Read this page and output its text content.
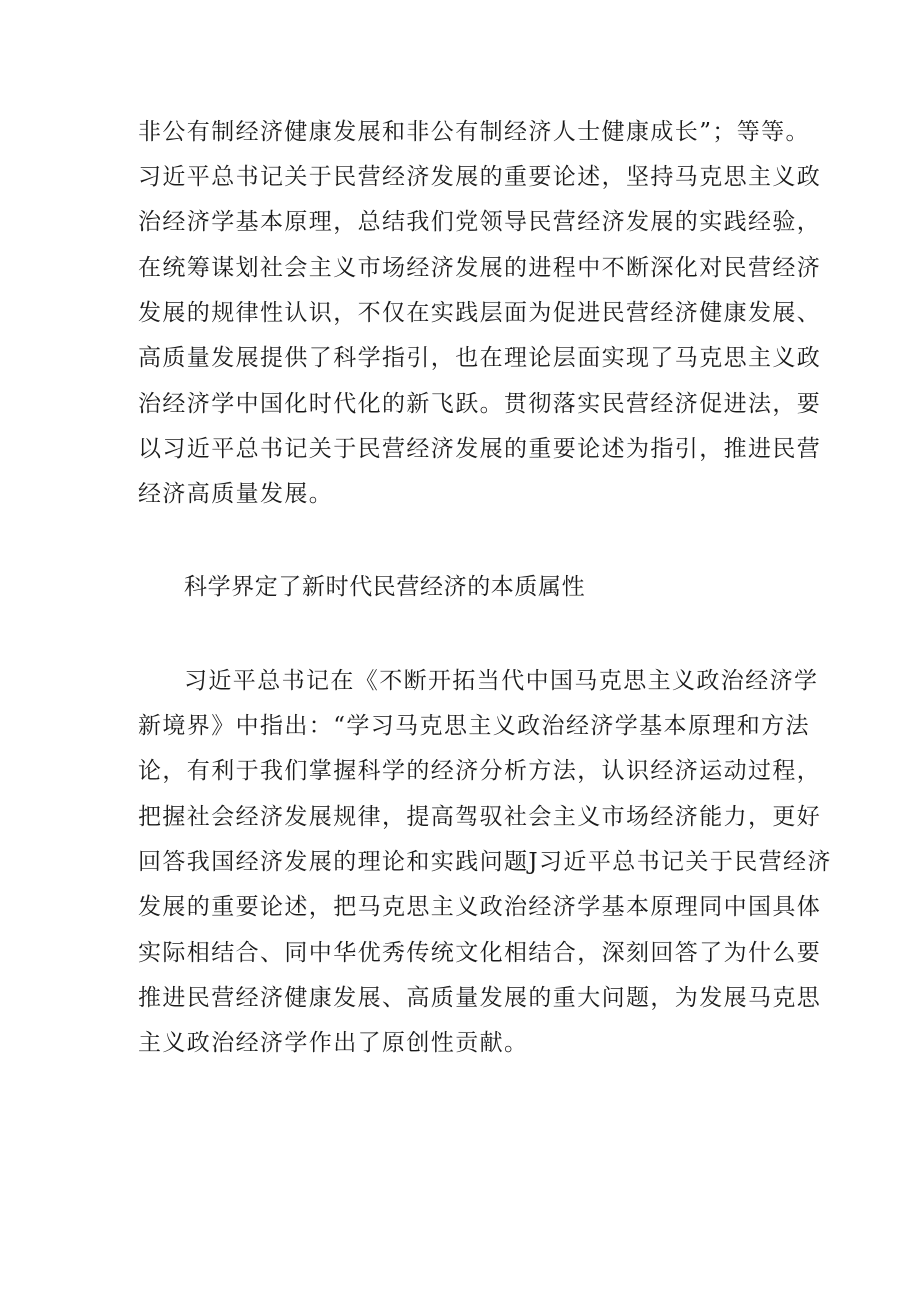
非公有制经济健康发展和非公有制经济人士健康成长”；等等。
习近平总书记关于民营经济发展的重要论述，坚持马克思主义政
治经济学基本原理，总结我们党领导民营经济发展的实践经验，
在统筹谋划社会主义市场经济发展的进程中不断深化对民营经济
发展的规律性认识，不仅在实践层面为促进民营经济健康发展、
高质量发展提供了科学指引，也在理论层面实现了马克思主义政
治经济学中国化时代化的新飞跃。贯彻落实民营经济促进法，要
以习近平总书记关于民营经济发展的重要论述为指引，推进民营
经济高质量发展。
科学界定了新时代民营经济的本质属性
习近平总书记在《不断开拓当代中国马克思主义政治经济学
新境界》中指出：“学习马克思主义政治经济学基本原理和方法
论，有利于我们掌握科学的经济分析方法，认识经济运动过程，
把握社会经济发展规律，提高驾驭社会主义市场经济能力，更好
回答我国经济发展的理论和实践问题J习近平总书记关于民营经济
发展的重要论述，把马克思主义政治经济学基本原理同中国具体
实际相结合、同中华优秀传统文化相结合，深刻回答了为什么要
推进民营经济健康发展、高质量发展的重大问题，为发展马克思
主义政治经济学作出了原创性贡献。
